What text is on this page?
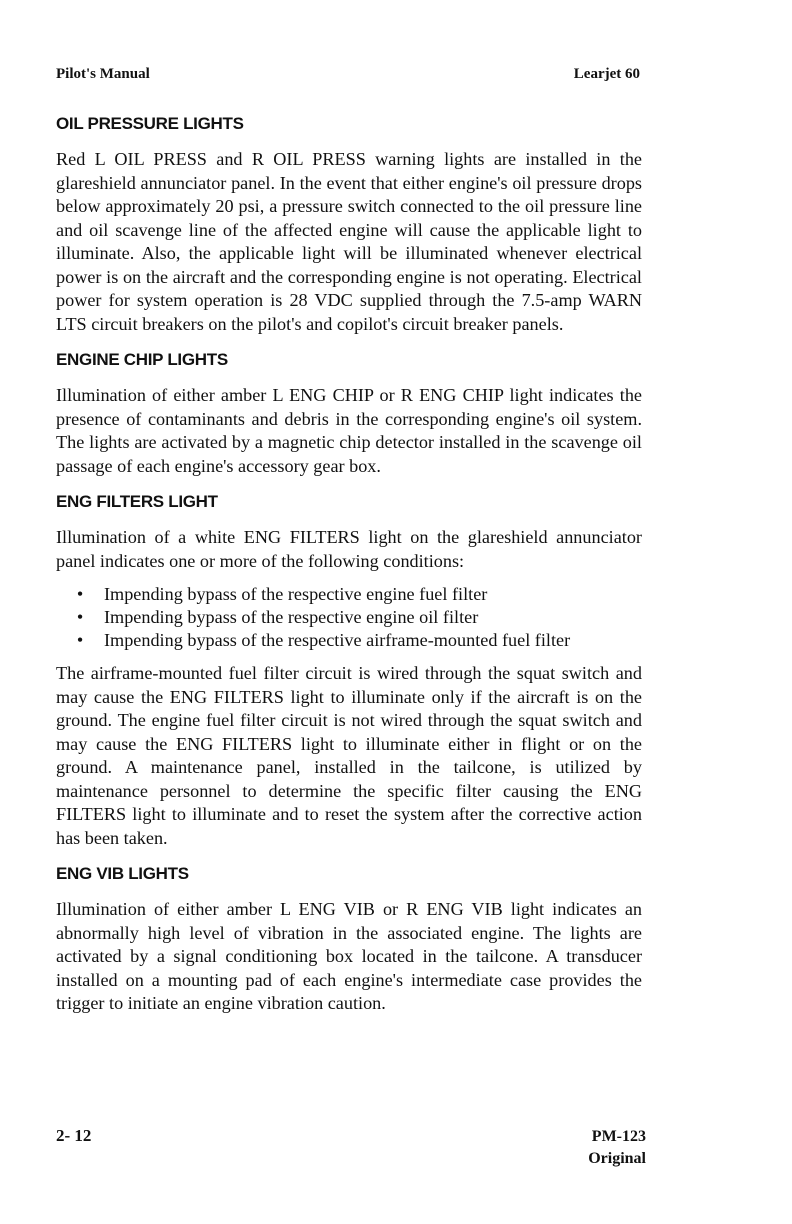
Pilot's Manual	Learjet 60
OIL PRESSURE LIGHTS

Red L OIL PRESS and R OIL PRESS warning lights are installed in the glareshield annunciator panel. In the event that either engine's oil pressure drops below approximately 20 psi, a pressure switch connected to the oil pressure line and oil scavenge line of the affected engine will cause the applicable light to illuminate. Also, the applicable light will be illuminated whenever electrical power is on the aircraft and the corresponding engine is not operating. Electrical power for system operation is 28 VDC supplied through the 7.5-amp WARN LTS circuit breakers on the pilot's and copilot's circuit breaker panels.

ENGINE CHIP LIGHTS

Illumination of either amber L ENG CHIP or R ENG CHIP light indicates the presence of contaminants and debris in the corresponding engine's oil system. The lights are activated by a magnetic chip detector installed in the scavenge oil passage of each engine's accessory gear box.

ENG FILTERS LIGHT

Illumination of a white ENG FILTERS light on the glareshield annunciator panel indicates one or more of the following conditions:

•	Impending bypass of the respective engine fuel filter
•	Impending bypass of the respective engine oil filter
•	Impending bypass of the respective airframe-mounted fuel filter

The airframe-mounted fuel filter circuit is wired through the squat switch and may cause the ENG FILTERS light to illuminate only if the aircraft is on the ground. The engine fuel filter circuit is not wired through the squat switch and may cause the ENG FILTERS light to illuminate either in flight or on the ground. A maintenance panel, installed in the tailcone, is utilized by maintenance personnel to determine the specific filter causing the ENG FILTERS light to illuminate and to reset the system after the corrective action has been taken.

ENG VIB LIGHTS

Illumination of either amber L ENG VIB or R ENG VIB light indicates an abnormally high level of vibration in the associated engine. The lights are activated by a signal conditioning box located in the tailcone. A transducer installed on a mounting pad of each engine's intermediate case provides the trigger to initiate an engine vibration caution.

2- 12	PM-123
Original
